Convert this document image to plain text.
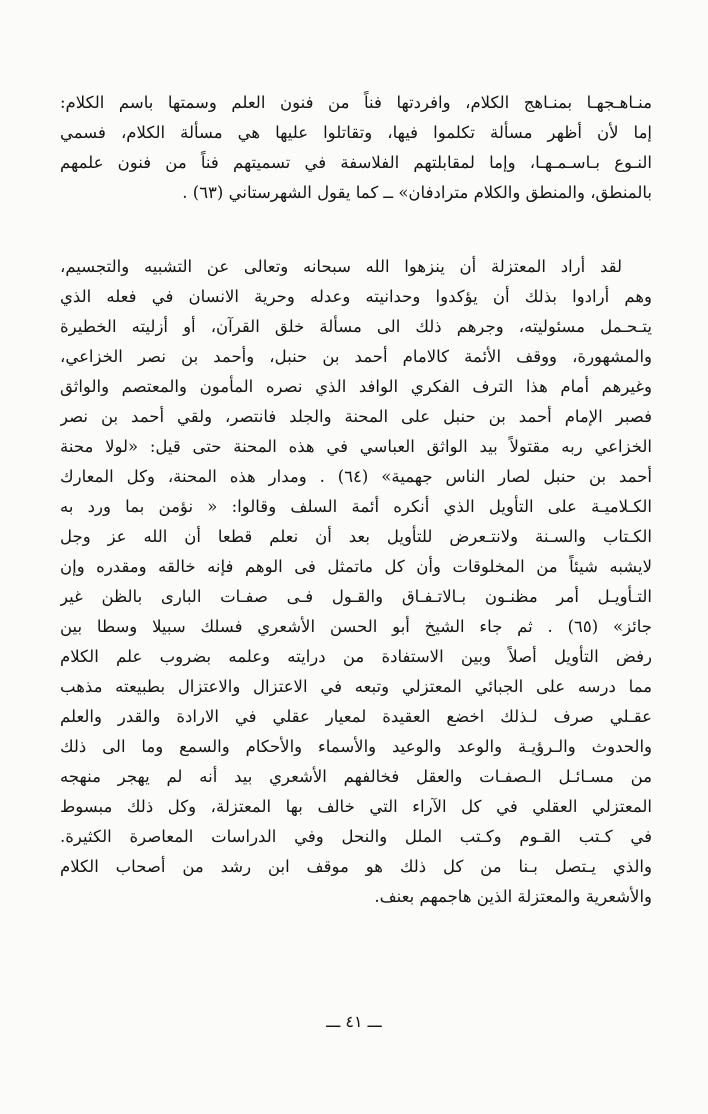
منـاهـجهـا بمنـاهج الكلام، وافردتها فناً من فنون العلم وسمتها باسم الكلام:
إما لأن أظهر مسألة تكلموا فيها، وتقاتلوا عليها هي مسألة الكلام، فسمي
النـوع بـاسـمـهـا، وإما لمقابلتهم الفلاسفة في تسميتهم فناً من فنون علمهم
بالمنطق، والمنطق والكلام مترادفان» ــ كما يقول الشهرستاني (٦٣) .
لقد أراد المعتزلة أن ينزهوا الله سبحانه وتعالى عن التشبيه والتجسيم،
وهم أرادوا بذلك أن يؤكدوا وحدانيته وعدله وحرية الانسان في فعله الذي
يتـحـمل مسئوليته، وجرهم ذلك الى مسألة خلق القرآن، أو أزليته الخطيرة
والمشهورة، ووقف الأئمة كالامام أحمد بن حنبل، وأحمد بن نصر الخزاعي،
وغيرهم أمام هذا الترف الفكري الوافد الذي نصره المأمون والمعتصم والواثق
فصبر الإمام أحمد بن حنبل على المحنة والجلد فانتصر، ولقي أحمد بن نصر
الخزاعي ربه مقتولاً بيد الواثق العباسي في هذه المحنة حتى قيل: «لولا محنة
أحمد بن حنبل لصار الناس جهمية» (٦٤) . ومدار هذه المحنة، وكل المعارك
الكـلاميـة على التأويل الذي أنكره أئمة السلف وقالوا: « نؤمن بما ورد به
الكـتاب والسـنة ولانتـعرض للتأويل بعد أن نعلم قطعا أن الله عز وجل
لايشبه شيئاً من المخلوقات وأن كل ماتمثل فى الوهم فإنه خالقه ومقدره وإن
التـأويـل أمر مظنـون بـالاتـفـاق والقـول فـى صفـات البارى بالظن غير
جائز» (٦٥) . ثم جاء الشيخ أبو الحسن الأشعري فسلك سبيلا وسطا بين
رفض التأويل أصلاً وبين الاستفادة من درايته وعلمه بضروب علم الكلام
مما درسه على الجبائي المعتزلي وتبعه في الاعتزال والاعتزال بطبيعته مذهب
عقـلي صرف لـذلك اخضع العقيدة لمعيار عقلي في الارادة والقدر والعلم
والحدوث والـرؤيـة والوعد والوعيد والأسماء والأحكام والسمع وما الى ذلك
من مسـائـل الـصفـات والعقل فخالفهم الأشعري بيد أنه لم يهجر منهجه
المعتزلي العقلي في كل الآراء التي خالف بها المعتزلة، وكل ذلك مبسوط
في كـتب القـوم وكـتب الملل والنحل وفي الدراسات المعاصرة الكثيرة.
والذي يـتصل بـنا من كل ذلك هو موقف ابن رشد من أصحاب الكلام
والأشعرية والمعتزلة الذين هاجمهم بعنف.
ـــ ٤١ ـــ
